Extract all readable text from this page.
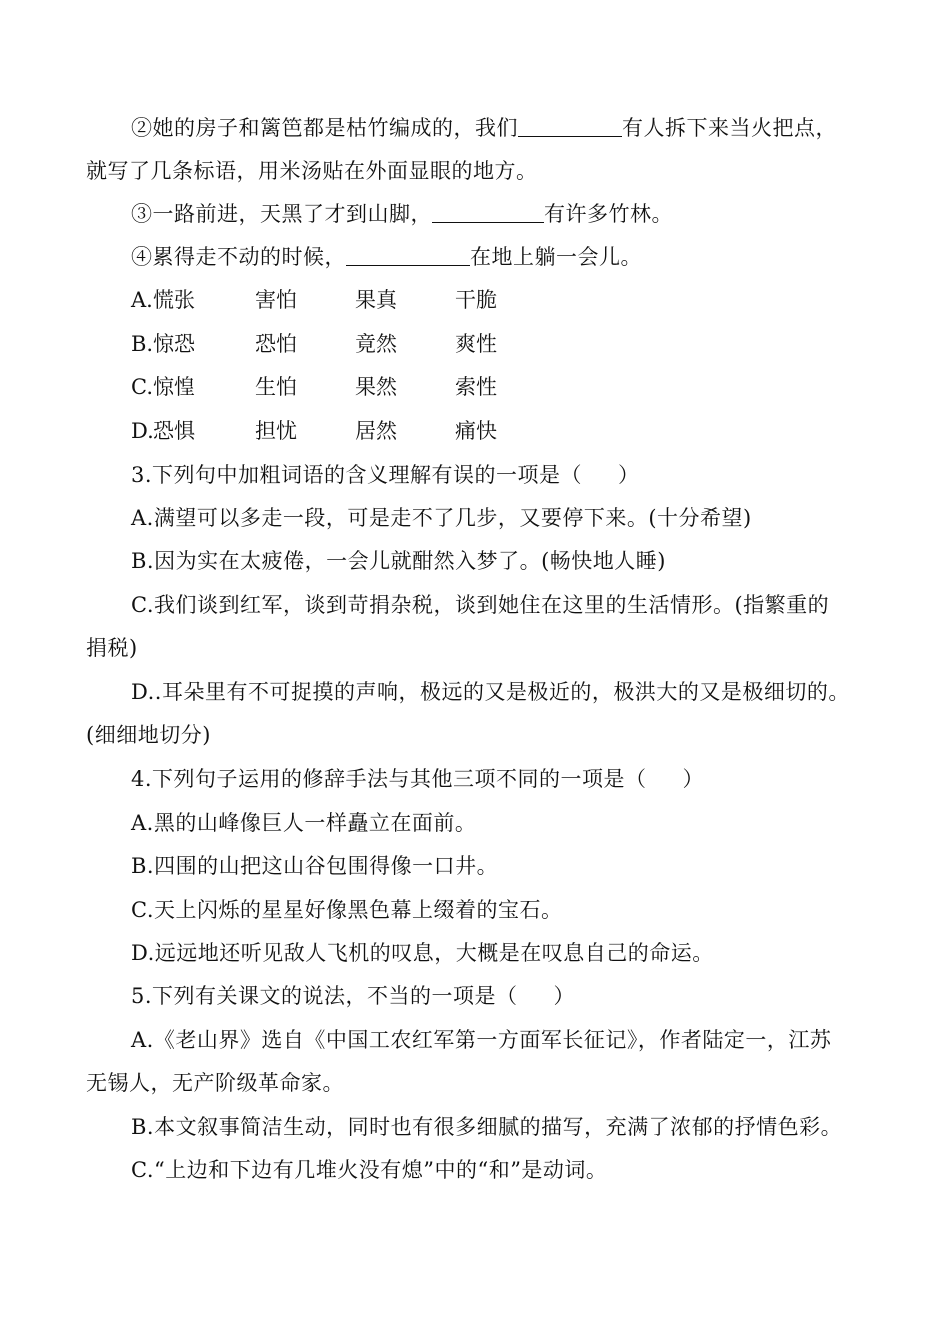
②她的房子和篱笆都是枯竹编成的，我们	有人拆下来当火把点，
就写了几条标语，用米汤贴在外面显眼的地方。
③一路前进，天黑了才到山脚，	有许多竹林。
④累得走不动的时候，	在地上躺一会儿。
A. 慌张	害怕	果真	干脆
B. 惊恐	恐怕	竟然	爽性
C. 惊惶	生怕	果然	索性
D. 恐惧	担忧	居然	痛快
3.下列句中加粗词语的含义理解有误的一项是（ ）
A.满望可以多走一段，可是走不了几步，又要停下来。(十分希望)
B.因为实在太疲倦，一会儿就酣然入梦了。(畅快地人睡)
C.我们谈到红军，谈到苛捐杂税，谈到她住在这里的生活情形。(指繁重的
捐税)
D..耳朵里有不可捉摸的声响，极远的又是极近的，极洪大的又是极细切的。
(细细地切分)
4.下列句子运用的修辞手法与其他三项不同的一项是（ ）
A.黑的山峰像巨人一样矗立在面前。
B.四围的山把这山谷包围得像一口井。
C.天上闪烁的星星好像黑色幕上缀着的宝石。
D.远远地还听见敌人飞机的叹息，大概是在叹息自己的命运。
5.下列有关课文的说法，不当的一项是（ ）
A.《老山界》选自《中国工农红军第一方面军长征记》，作者陆定一，江苏
无锡人，无产阶级革命家。
B.本文叙事简洁生动，同时也有很多细腻的描写，充满了浓郁的抒情色彩。
C.“上边和下边有几堆火没有熄”中的“和”是动词。
